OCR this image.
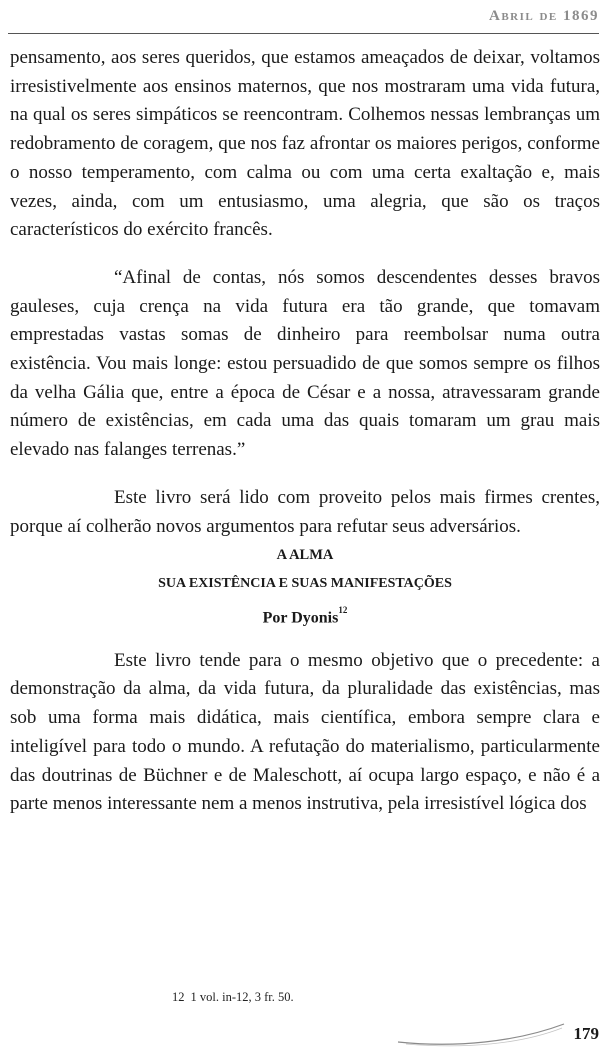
Abril de 1869

pensamento, aos seres queridos, que estamos ameaçados de deixar, voltamos irresistivelmente aos ensinos maternos, que nos mostraram uma vida futura, na qual os seres simpáticos se reencontram. Colhemos nessas lembranças um redobramento de coragem, que nos faz afrontar os maiores perigos, conforme o nosso temperamento, com calma ou com uma certa exaltação e, mais vezes, ainda, com um entusiasmo, uma alegria, que são os traços característicos do exército francês.

“Afinal de contas, nós somos descendentes desses bravos gauleses, cuja crença na vida futura era tão grande, que tomavam emprestadas vastas somas de dinheiro para reembolsar numa outra existência. Vou mais longe: estou persuadido de que somos sempre os filhos da velha Gália que, entre a época de César e a nossa, atravessaram grande número de existências, em cada uma das quais tomaram um grau mais elevado nas falanges terrenas.”

Este livro será lido com proveito pelos mais firmes crentes, porque aí colherão novos argumentos para refutar seus adversários.

A ALMA

SUA EXISTÊNCIA E SUAS MANIFESTAÇÕES

Por Dyonis$^{12}$

Este livro tende para o mesmo objetivo que o precedente: a demonstração da alma, da vida futura, da pluralidade das existências, mas sob uma forma mais didática, mais científica, embora sempre clara e inteligível para todo o mundo. A refutação do materialismo, particularmente das doutrinas de Büchner e de Maleschott, aí ocupa largo espaço, e não é a parte menos interessante nem a menos instrutiva, pela irresistível lógica dos

12 1 vol. in-12, 3 fr. 50.
179
